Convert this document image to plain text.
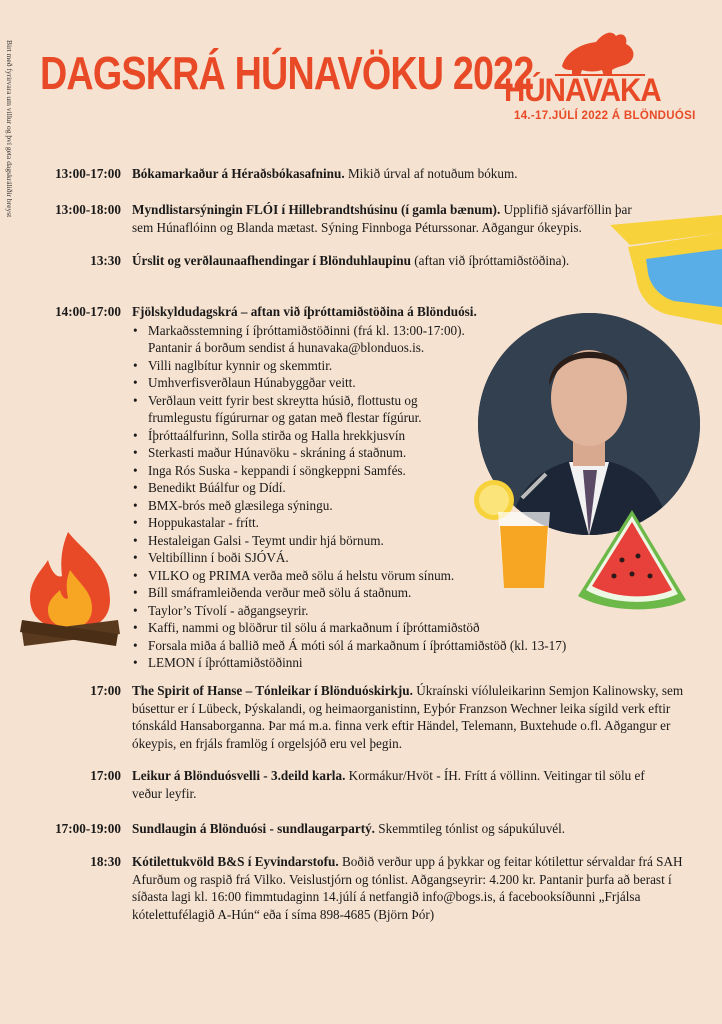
Birt með fyrirvara um villur og því geta dagskráliðir breyst DAGSKRÁ HÚNAVÖKU 2022
HÚNAVAKA
14.-17.JÚLÍ 2022 Á BLÖNDUÓSI
13:00-17:00 Bókamarkaður á Héraðsbókasafninu. Mikið úrval af notuðum bókum.
13:00-18:00 Myndlistarsýningin FLÓI í Hillebrandtshúsinu (í gamla bænum). Upplifið sjávarföllin þar sem Húnaflóinn og Blanda mætast. Sýning Finnboga Péturssonar. Aðgangur ókeypis.
13:30 Úrslit og verðlaunaafhendingar í Blönduhlaupinu (aftan við íþróttamiðstöðina).
14:00-17:00 Fjölskyldudagskrá – aftan við íþróttamiðstöðina á Blönduósi.
• Markaðsstemning í íþróttamiðstöðinni (frá kl. 13:00-17:00). Pantanir á borðum sendist á hunavaka@blonduos.is.
• Villi naglbítur kynnir og skemmtir.
• Umhverfisverðlaun Húnabyggðar veitt.
• Verðlaun veitt fyrir best skreytta húsið, flottustu og frumlegustu fígúrurnar og gatan með flestar fígúrur.
• Íþróttaálfurinn, Solla stirða og Halla hrekkjusvín
• Sterkasti maður Húnavöku - skráning á staðnum.
• Inga Rós Suska - keppandi í söngkeppni Samfés.
• Benedikt Búálfur og Dídí.
• BMX-brós með glæsilega sýningu.
• Hoppukastalar - frítt.
• Hestaleigan Galsi - Teymt undir hjá börnum.
• Veltibíllinn í boði SJÓVÁ.
• VILKO og PRIMA verða með sölu á helstu vörum sínum.
• Bíll smáframleiðenda verður með sölu á staðnum.
• Taylor’s Tívolí - aðgangseyrir.
• Kaffi, nammi og blöðrur til sölu á markaðnum í íþróttamiðstöð
• Forsala miða á ballið með Á móti sól á markaðnum í íþróttamiðstöð (kl. 13-17)
• LEMON í íþróttamiðstöðinni
17:00 The Spirit of Hanse – Tónleikar í Blönduóskirkju. Úkraínski víóluleikarinn Semjon Kalinowsky, sem búsettur er í Lübeck, Þýskalandi, og heimaorganistinn, Eyþór Franzson Wechner leika sígild verk eftir tónskáld Hansaborganna. Þar má m.a. finna verk eftir Händel, Telemann, Buxtehude o.fl. Aðgangur er ókeypis, en frjáls framlög í orgelsjóð eru vel þegin.
17:00 Leikur á Blönduósvelli - 3.deild karla. Kormákur/Hvöt - ÍH. Frítt á völlinn. Veitingar til sölu ef veður leyfir.
17:00-19:00 Sundlaugin á Blönduósi - sundlaugarpartý. Skemmtileg tónlist og sápukúluvél.
18:30 Kótilettukvöld B&S í Eyvindarstofu. Boðið verður upp á þykkar og feitar kótilettur sérvaldar frá SAH Afurðum og raspið frá Vilko. Veislustjórn og tónlist. Aðgangseyrir: 4.200 kr. Pantanir þurfa að berast í síðasta lagi kl. 16:00 fimmtudaginn 14.júlí á netfangið info@bogs.is, á facebooksíðunni „Frjálsa kótelettufélagið A-Hún“ eða í síma 898-4685 (Björn Þór)
